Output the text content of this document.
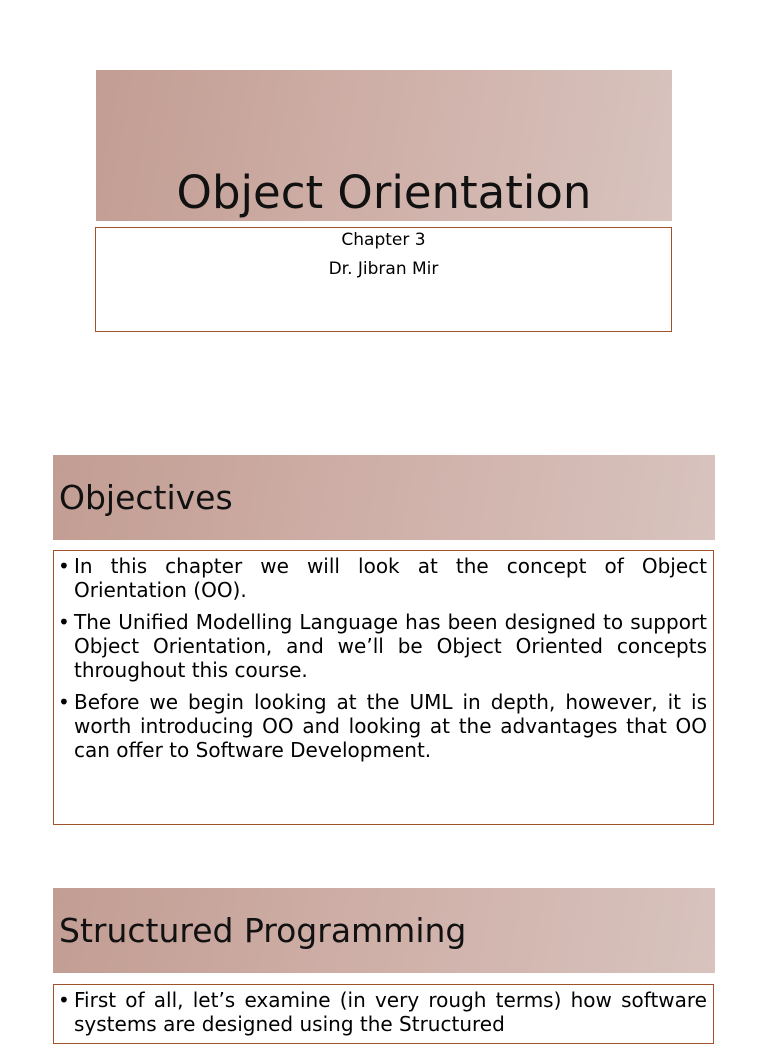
Object Orientation
Chapter 3
Dr. Jibran Mir
Objectives
• In this chapter we will look at the concept of Object Orientation (OO).
• The Unified Modelling Language has been designed to support Object Orientation, and we’ll be Object Oriented concepts throughout this course.
• Before we begin looking at the UML in depth, however, it is worth introducing OO and looking at the advantages that OO can offer to Software Development.
Structured Programming
• First of all, let’s examine (in very rough terms) how software systems are designed using the Structured
